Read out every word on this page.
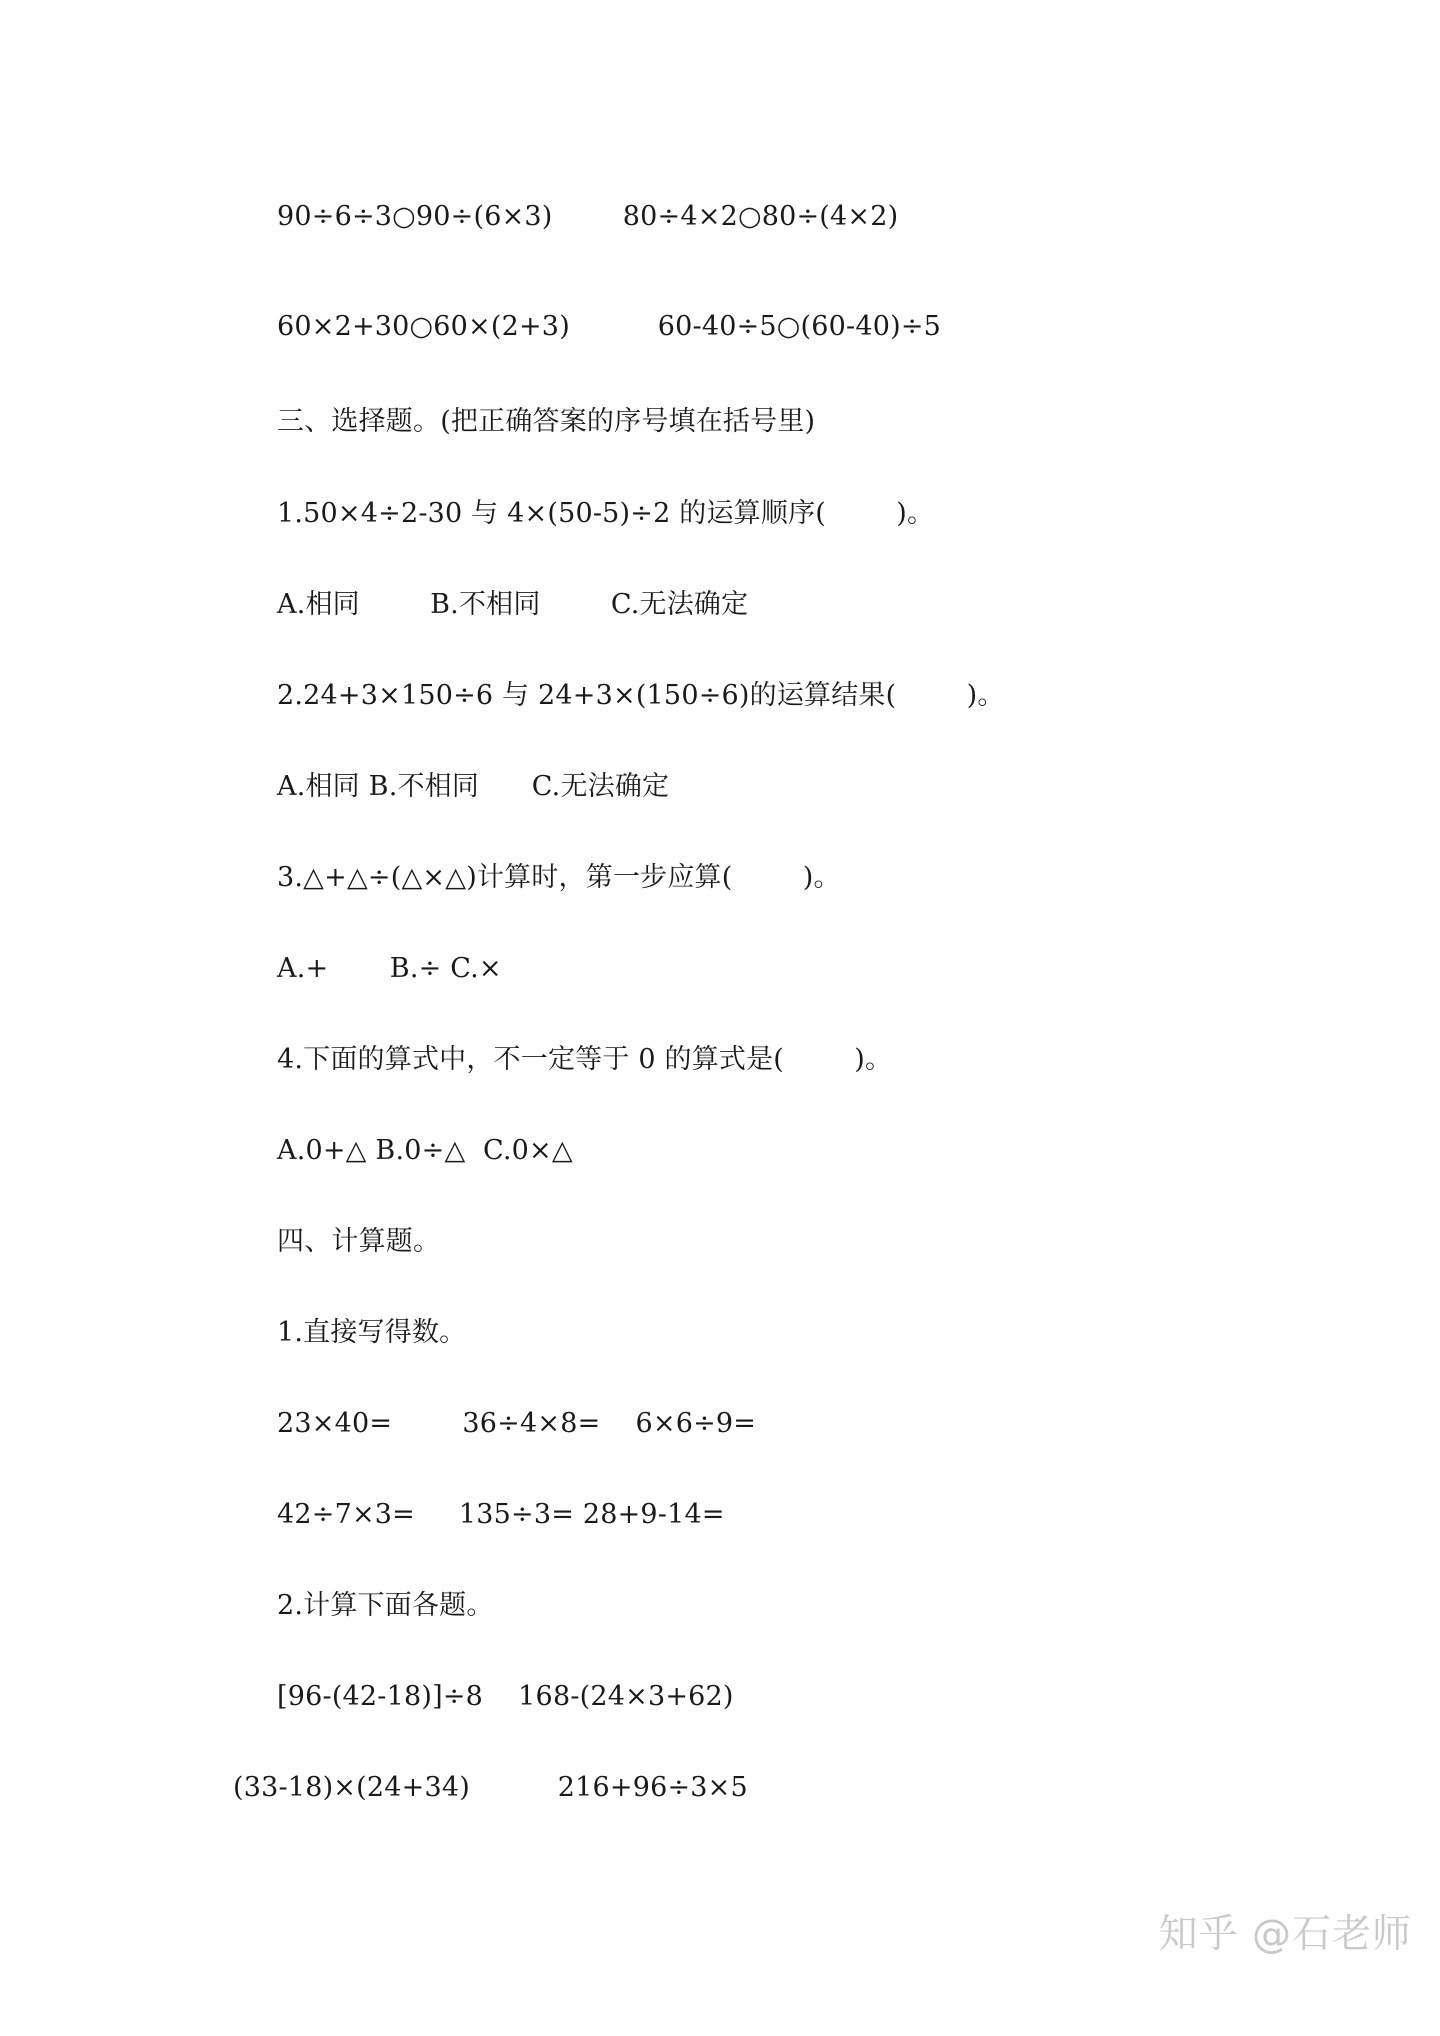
90÷6÷3○90÷(6×3)        80÷4×2○80÷(4×2)
60×2+30○60×(2+3)          60-40÷5○(60-40)÷5
三、选择题。(把正确答案的序号填在括号里)
1.50×4÷2-30 与 4×(50-5)÷2 的运算顺序(        )。
A.相同        B.不相同        C.无法确定
2.24+3×150÷6 与 24+3×(150÷6)的运算结果(        )。
A.相同 B.不相同      C.无法确定
3.△+△÷(△×△)计算时，第一步应算(        )。
A.+       B.÷ C.×
4.下面的算式中，不一定等于 0 的算式是(        )。
A.0+△ B.0÷△  C.0×△
四、计算题。
1.直接写得数。
23×40=        36÷4×8=    6×6÷9=
42÷7×3=     135÷3= 28+9-14=
2.计算下面各题。
[96-(42-18)]÷8    168-(24×3+62)
(33-18)×(24+34)          216+96÷3×5
知乎 @石老师
